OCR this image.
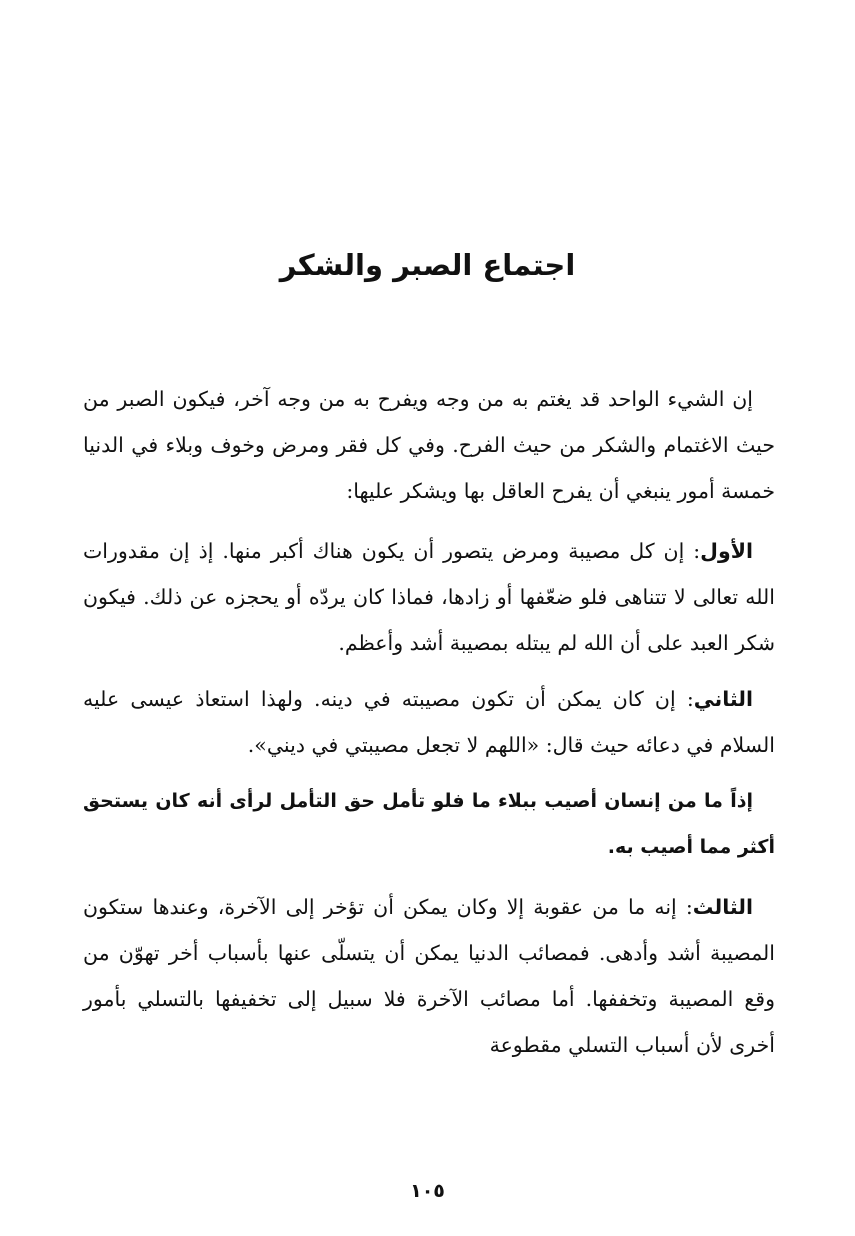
اجتماع الصبر والشكر

إن الشيء الواحد قد يغتم به من وجه ويفرح به من وجه آخر، فيكون الصبر من حيث الاغتمام والشكر من حيث الفرح. وفي كل فقر ومرض وخوف وبلاء في الدنيا خمسة أمور ينبغي أن يفرح العاقل بها ويشكر عليها:

الأول: إن كل مصيبة ومرض يتصور أن يكون هناك أكبر منها. إذ إن مقدورات الله تعالى لا تتناهى فلو ضعّفها أو زادها، فماذا كان يردّه أو يحجزه عن ذلك. فيكون شكر العبد على أن الله لم يبتله بمصيبة أشد وأعظم.

الثاني: إن كان يمكن أن تكون مصيبته في دينه. ولهذا استعاذ عيسى عليه السلام في دعائه حيث قال: «اللهم لا تجعل مصيبتي في ديني».

إذاً ما من إنسان أصيب ببلاء ما فلو تأمل حق التأمل لرأى أنه كان يستحق أكثر مما أصيب به.

الثالث: إنه ما من عقوبة إلا وكان يمكن أن تؤخر إلى الآخرة، وعندها ستكون المصيبة أشد وأدهى. فمصائب الدنيا يمكن أن يتسلّى عنها بأسباب أخر تهوّن من وقع المصيبة وتخففها. أما مصائب الآخرة فلا سبيل إلى تخفيفها بالتسلي بأمور أخرى لأن أسباب التسلي مقطوعة

١٠٥
